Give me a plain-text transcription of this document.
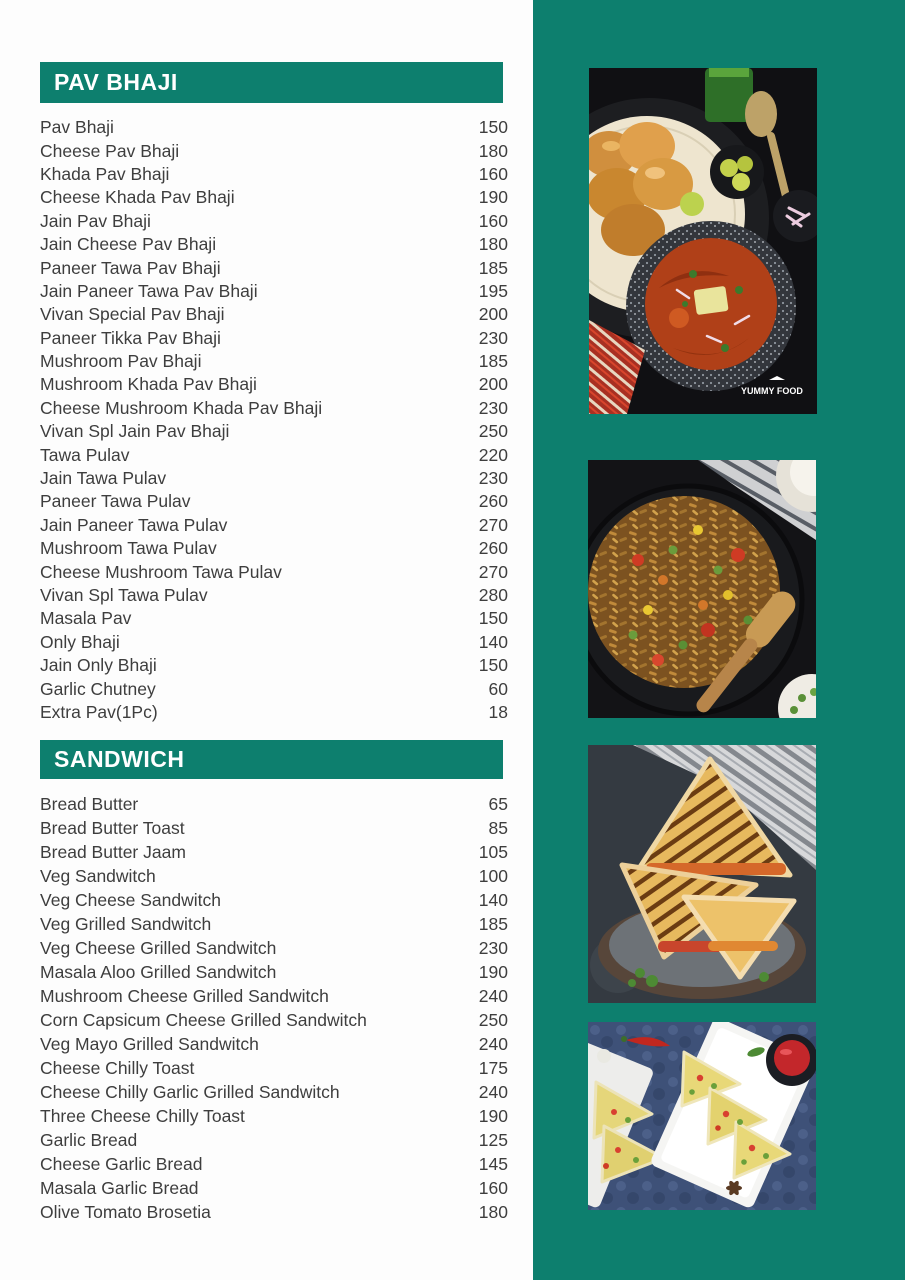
PAV BHAJI
Pav Bhaji	150
Cheese Pav Bhaji	180
Khada Pav Bhaji	160
Cheese Khada Pav Bhaji	190
Jain Pav Bhaji	160
Jain Cheese Pav Bhaji	180
Paneer Tawa Pav Bhaji	185
Jain Paneer Tawa Pav Bhaji	195
Vivan Special Pav Bhaji	200
Paneer Tikka Pav Bhaji	230
Mushroom Pav Bhaji	185
Mushroom Khada Pav Bhaji	200
Cheese Mushroom Khada Pav Bhaji	230
Vivan Spl Jain Pav Bhaji	250
Tawa Pulav	220
Jain Tawa Pulav	230
Paneer Tawa Pulav	260
Jain Paneer Tawa Pulav	270
Mushroom Tawa Pulav	260
Cheese Mushroom Tawa Pulav	270
Vivan Spl Tawa Pulav	280
Masala Pav	150
Only Bhaji	140
Jain Only Bhaji	150
Garlic Chutney	60
Extra Pav(1Pc)	18
SANDWICH
Bread Butter	65
Bread Butter Toast	85
Bread Butter Jaam	105
Veg Sandwitch	100
Veg Cheese Sandwitch	140
Veg Grilled Sandwitch	185
Veg Cheese Grilled Sandwitch	230
Masala Aloo Grilled Sandwitch	190
Mushroom Cheese Grilled Sandwitch	240
Corn Capsicum Cheese Grilled Sandwitch	250
Veg Mayo Grilled Sandwitch	240
Cheese Chilly Toast	175
Cheese Chilly Garlic Grilled Sandwitch	240
Three Cheese Chilly Toast	190
Garlic Bread	125
Cheese Garlic Bread	145
Masala Garlic Bread	160
Olive Tomato Brosetia	180
YUMMY FOOD
